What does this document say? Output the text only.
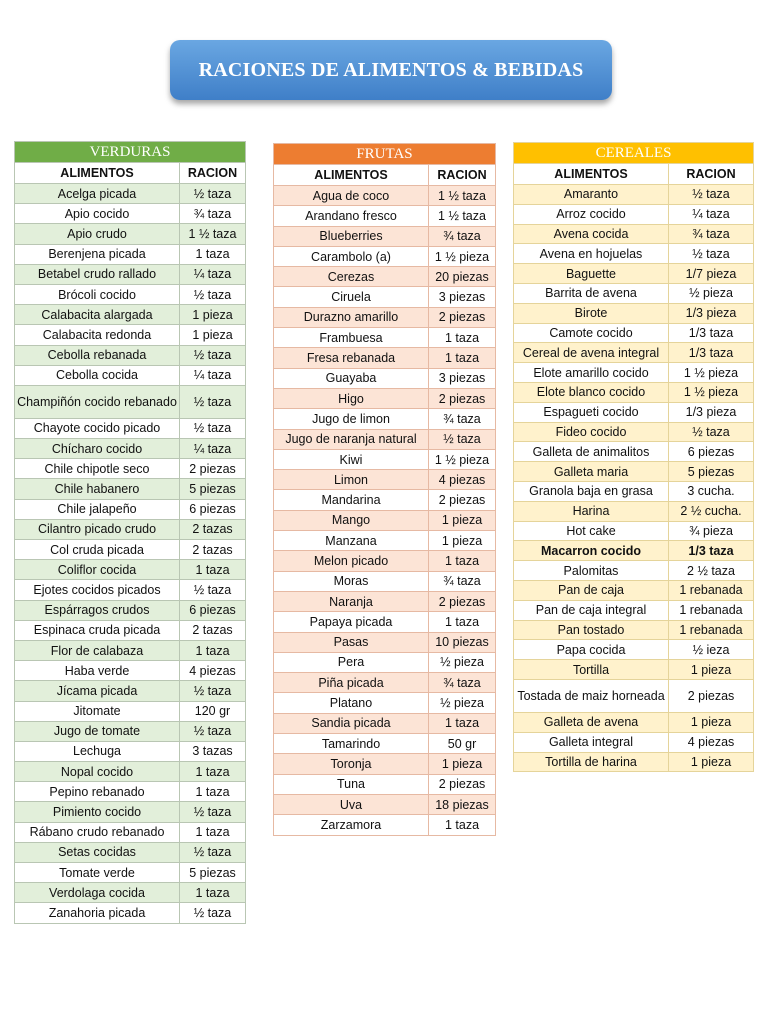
RACIONES DE ALIMENTOS & BEBIDAS
VERDURAS	
ALIMENTOS	RACION
Acelga picada	½ taza
Apio cocido	¾ taza
Apio crudo	1 ½ taza
Berenjena picada	1 taza
Betabel crudo rallado	¼ taza
Brócoli cocido	½ taza
Calabacita alargada	1 pieza
Calabacita redonda	1 pieza
Cebolla rebanada	½ taza
Cebolla cocida	¼ taza
Champiñón cocido rebanado	½ taza
Chayote cocido picado	½ taza
Chícharo cocido	¼ taza
Chile chipotle seco	2 piezas
Chile habanero	5 piezas
Chile jalapeño	6 piezas
Cilantro picado crudo	2 tazas
Col cruda picada	2 tazas
Coliflor cocida	1 taza
Ejotes cocidos picados	½ taza
Espárragos crudos	6 piezas
Espinaca cruda picada	2 tazas
Flor de calabaza	1 taza
Haba verde	4 piezas
Jícama picada	½ taza
Jitomate	120 gr
Jugo de tomate	½ taza
Lechuga	3 tazas
Nopal cocido	1 taza
Pepino rebanado	1 taza
Pimiento cocido	½ taza
Rábano crudo rebanado	1 taza
Setas cocidas	½ taza
Tomate verde	5 piezas
Verdolaga cocida	1 taza
Zanahoria picada	½ taza
FRUTAS	
ALIMENTOS	RACION
Agua de coco	1 ½ taza
Arandano fresco	1 ½ taza
Blueberries	¾ taza
Carambolo (a)	1 ½ pieza
Cerezas	20 piezas
Ciruela	3 piezas
Durazno amarillo	2 piezas
Frambuesa	1 taza
Fresa rebanada	1 taza
Guayaba	3 piezas
Higo	2 piezas
Jugo de limon	¾ taza
Jugo de naranja natural	½ taza
Kiwi	1 ½ pieza
Limon	4 piezas
Mandarina	2 piezas
Mango	1 pieza
Manzana	1 pieza
Melon picado	1 taza
Moras	¾ taza
Naranja	2 piezas
Papaya picada	1 taza
Pasas	10 piezas
Pera	½ pieza
Piña picada	¾ taza
Platano	½ pieza
Sandia picada	1 taza
Tamarindo	50 gr
Toronja	1 pieza
Tuna	2 piezas
Uva	18 piezas
Zarzamora	1 taza
CEREALES	
ALIMENTOS	RACION
Amaranto	½ taza
Arroz cocido	¼ taza
Avena cocida	¾ taza
Avena en hojuelas	½ taza
Baguette	1/7 pieza
Barrita de avena	½ pieza
Birote	1/3 pieza
Camote cocido	1/3 taza
Cereal de avena integral	1/3 taza
Elote amarillo cocido	1 ½ pieza
Elote blanco cocido	1 ½ pieza
Espagueti cocido	1/3 pieza
Fideo cocido	½ taza
Galleta de animalitos	6 piezas
Galleta maria	5 piezas
Granola baja en grasa	3 cucha.
Harina	2 ½ cucha.
Hot cake	¾ pieza
Macarron cocido	1/3 taza
Palomitas	2 ½ taza
Pan de caja	1 rebanada
Pan de caja integral	1 rebanada
Pan tostado	1 rebanada
Papa cocida	½ ieza
Tortilla	1 pieza
Tostada de maiz horneada	2 piezas
Galleta de avena	1 pieza
Galleta integral	4 piezas
Tortilla de harina	1 pieza
